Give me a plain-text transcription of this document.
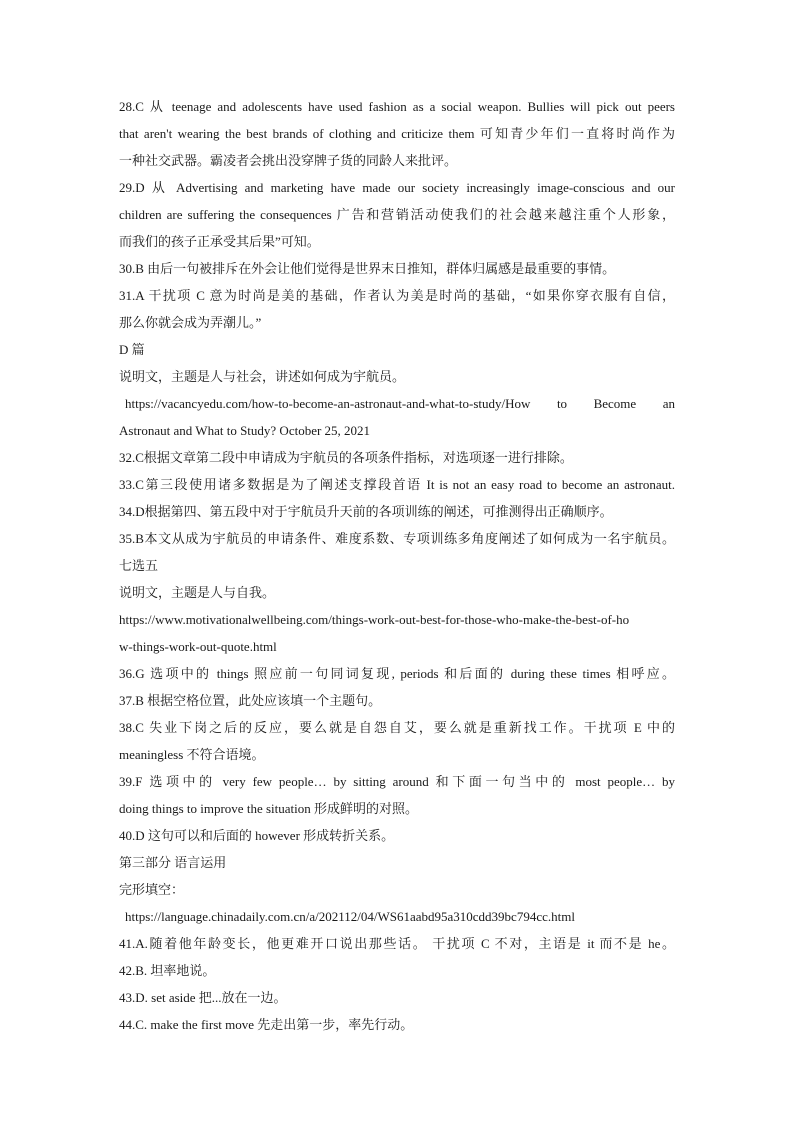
28.C 从 teenage and adolescents have used fashion as a social weapon. Bullies will pick out peers
that aren't wearing the best brands of clothing and criticize them 可知青少年们一直将时尚作为
一种社交武器。霸凌者会挑出没穿牌子货的同龄人来批评。
29.D 从 Advertising and marketing have made our society increasingly image-conscious and our
children are suffering the consequences 广告和营销活动使我们的社会越来越注重个人形象，
而我们的孩子正承受其后果”可知。
30.B 由后一句被排斥在外会让他们觉得是世界末日推知，群体归属感是最重要的事情。
31.A 干扰项 C 意为时尚是美的基础，作者认为美是时尚的基础，“如果你穿衣服有自信，
那么你就会成为弄潮儿。”
D 篇
说明文，主题是人与社会，讲述如何成为宇航员。
https://vacancyedu.com/how-to-become-an-astronaut-and-what-to-study/How to Become an
Astronaut and What to Study? October 25, 2021
32.C根据文章第二段中申请成为宇航员的各项条件指标，对选项逐一进行排除。
33.C第三段使用诸多数据是为了阐述支撑段首语 It is not an easy road to become an astronaut.
34.D根据第四、第五段中对于宇航员升天前的各项训练的阐述，可推测得出正确顺序。
35.B本文从成为宇航员的申请条件、难度系数、专项训练多角度阐述了如何成为一名宇航员。
七选五
说明文，主题是人与自我。
https://www.motivationalwellbeing.com/things-work-out-best-for-those-who-make-the-best-of-ho
w-things-work-out-quote.html
36.G 选项中的 things 照应前一句同词复现, periods 和后面的 during these times 相呼应。
37.B 根据空格位置，此处应该填一个主题句。
38.C 失业下岗之后的反应，要么就是自怨自艾，要么就是重新找工作。干扰项 E 中的
meaningless 不符合语境。
39.F 选项中的 very few people… by sitting around 和下面一句当中的 most people… by
doing things to improve the situation 形成鲜明的对照。
40.D 这句可以和后面的 however 形成转折关系。
第三部分 语言运用
完形填空：
https://language.chinadaily.com.cn/a/202112/04/WS61aabd95a310cdd39bc794cc.html
41.A.随着他年龄变长，他更难开口说出那些话。 干扰项 C 不对，主语是 it 而不是 he。
42.B. 坦率地说。
43.D. set aside 把...放在一边。
44.C. make the first move 先走出第一步，率先行动。
